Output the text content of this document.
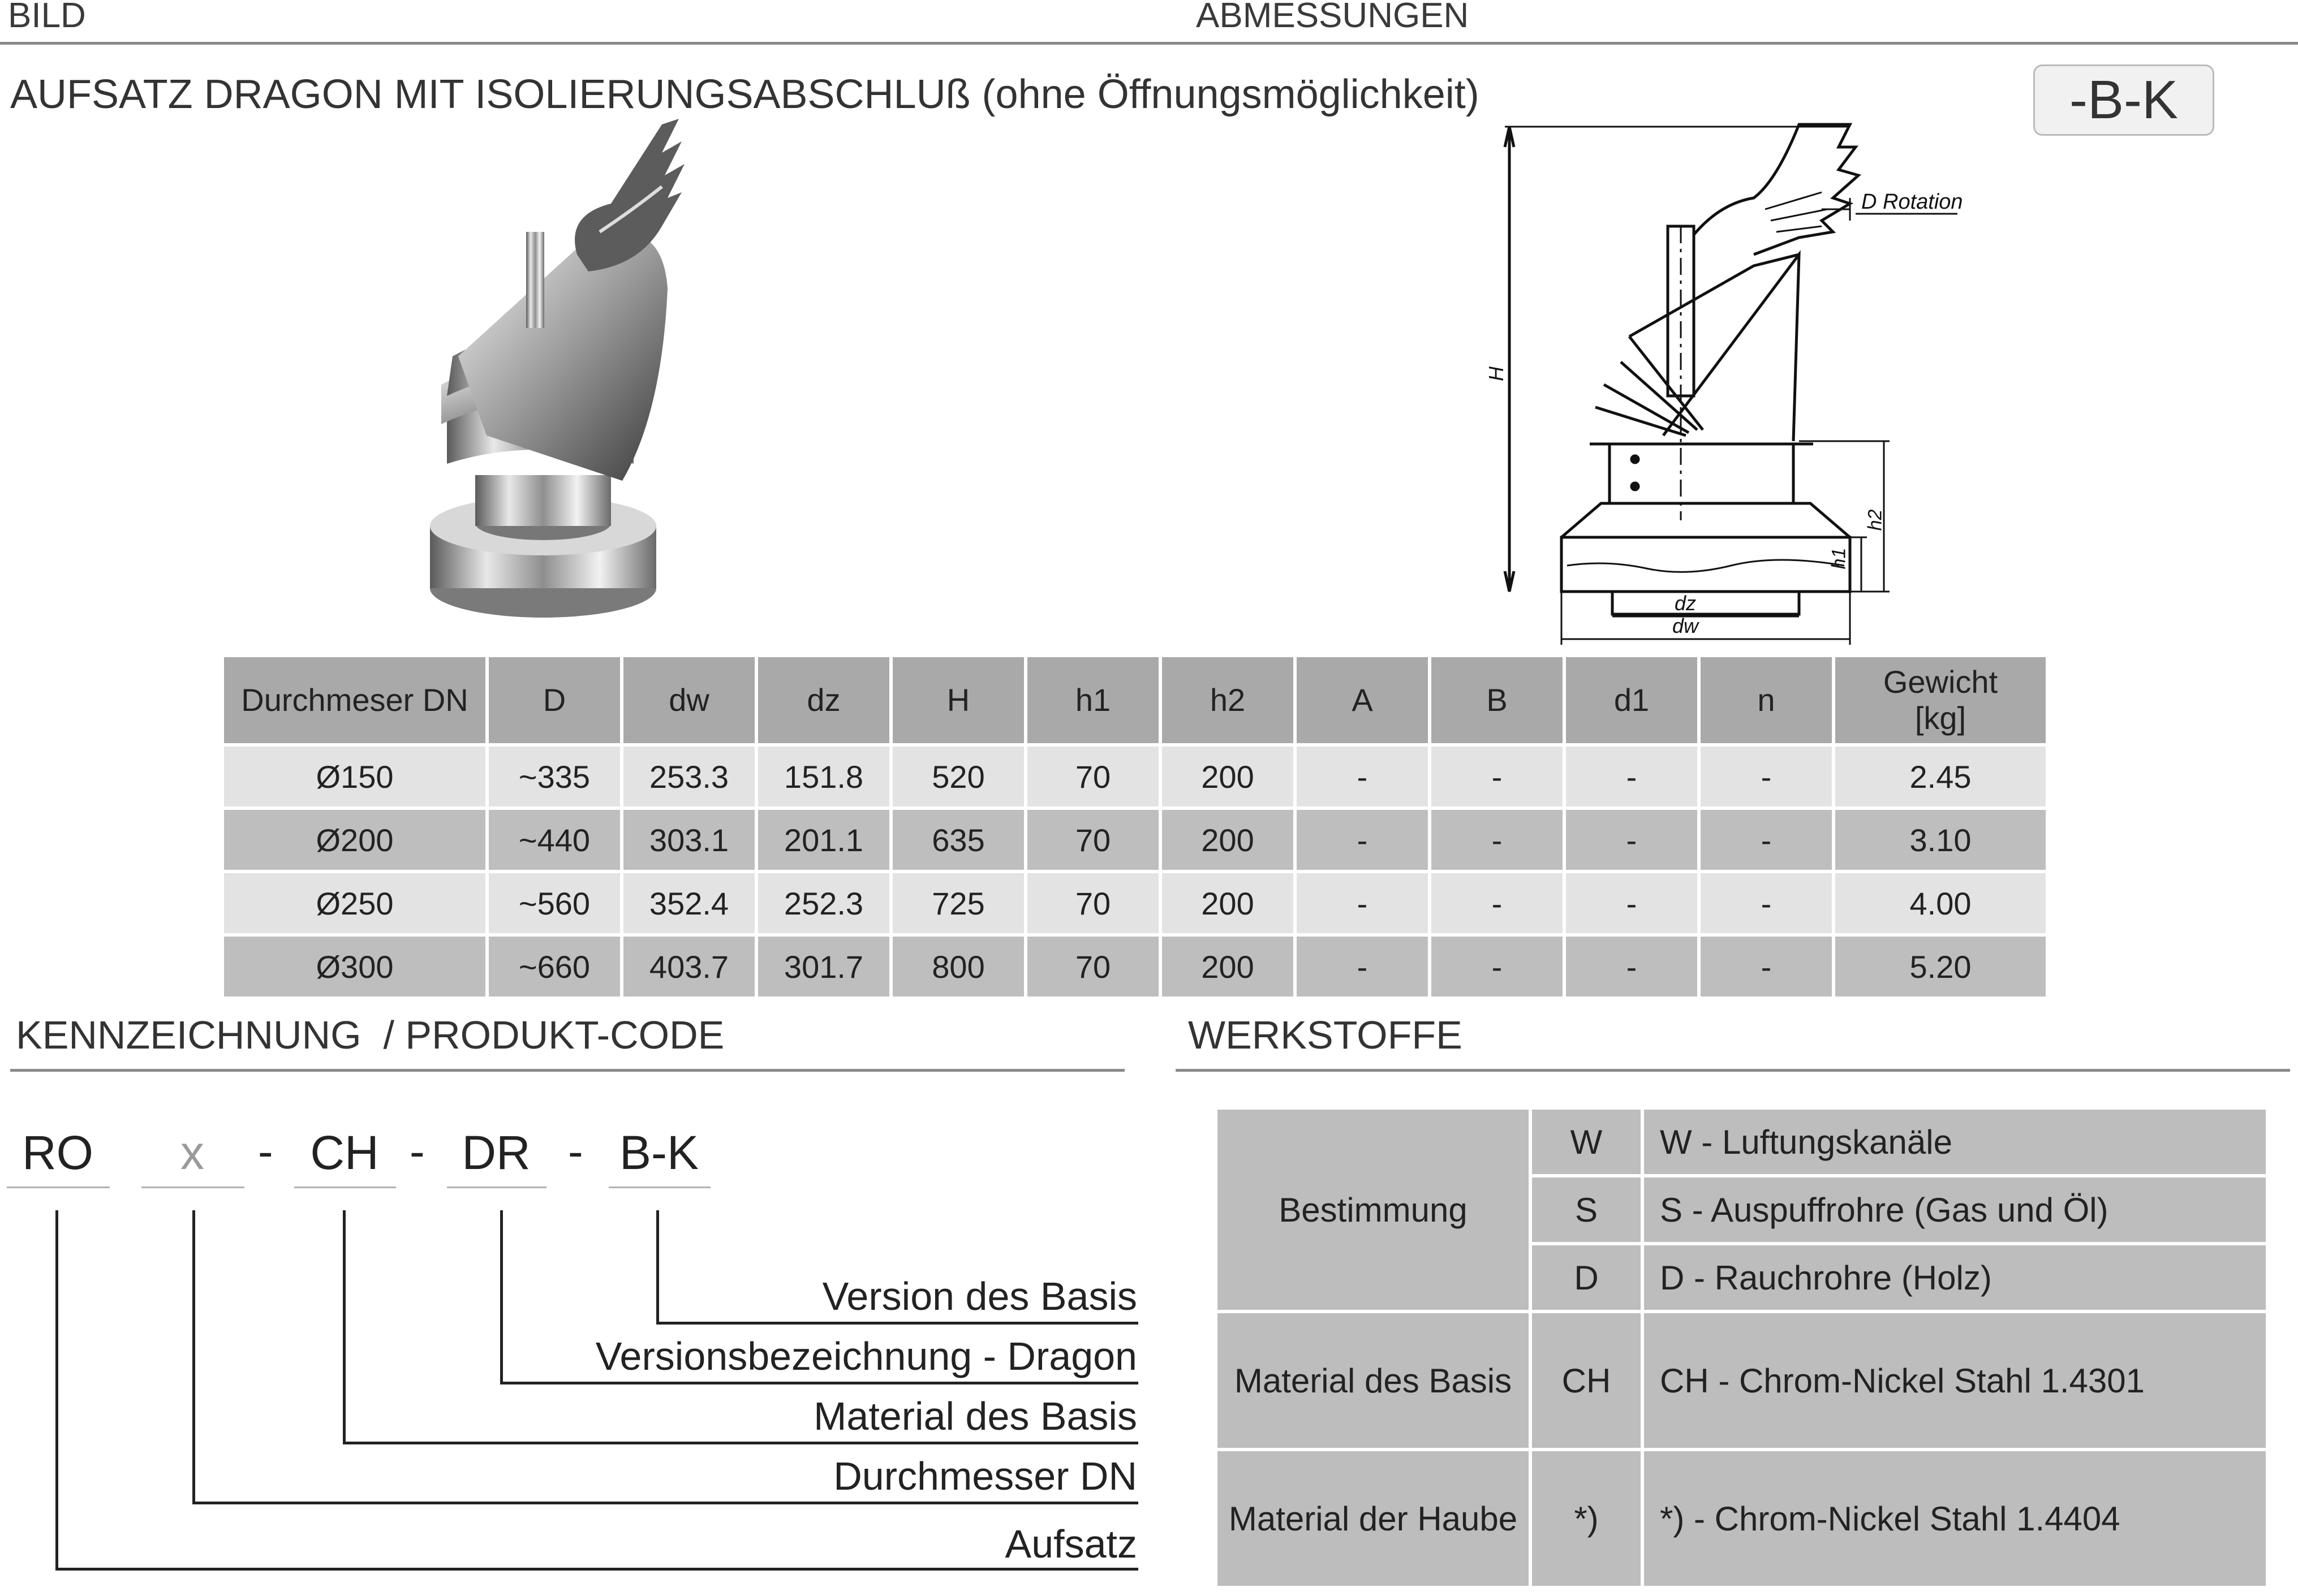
BILD	ABMESSUNGEN
AUFSATZ DRAGON MIT ISOLIERUNGSABSCHLUß (ohne Öffnungsmöglichkeit)	-B-K
D Rotation
H
h1
h2
dz
dw
Durchmeser DN	D	dw	dz	H	h1	h2	A	B	d1	n	Gewicht
[kg]
Ø150	~335	253.3	151.8	520	70	200	-	-	-	-	2.45
Ø200	~440	303.1	201.1	635	70	200	-	-	-	-	3.10
Ø250	~560	352.4	252.3	725	70	200	-	-	-	-	4.00
Ø300	~660	403.7	301.7	800	70	200	-	-	-	-	5.20
KENNZEICHNUNG  / PRODUKT-CODE
RO	x	CH	DR	B-K
-	-	-
Version des Basis
Versionsbezeichnung - Dragon
Material des Basis
Durchmesser DN
Aufsatz
WERKSTOFFE
Bestimmung	W	W - Luftungskanäle
	S	S - Auspuffrohre (Gas und Öl)
	D	D - Rauchrohre (Holz)
Material des Basis	CH	CH - Chrom-Nickel Stahl 1.4301
Material der Haube	*)	*) - Chrom-Nickel Stahl 1.4404
